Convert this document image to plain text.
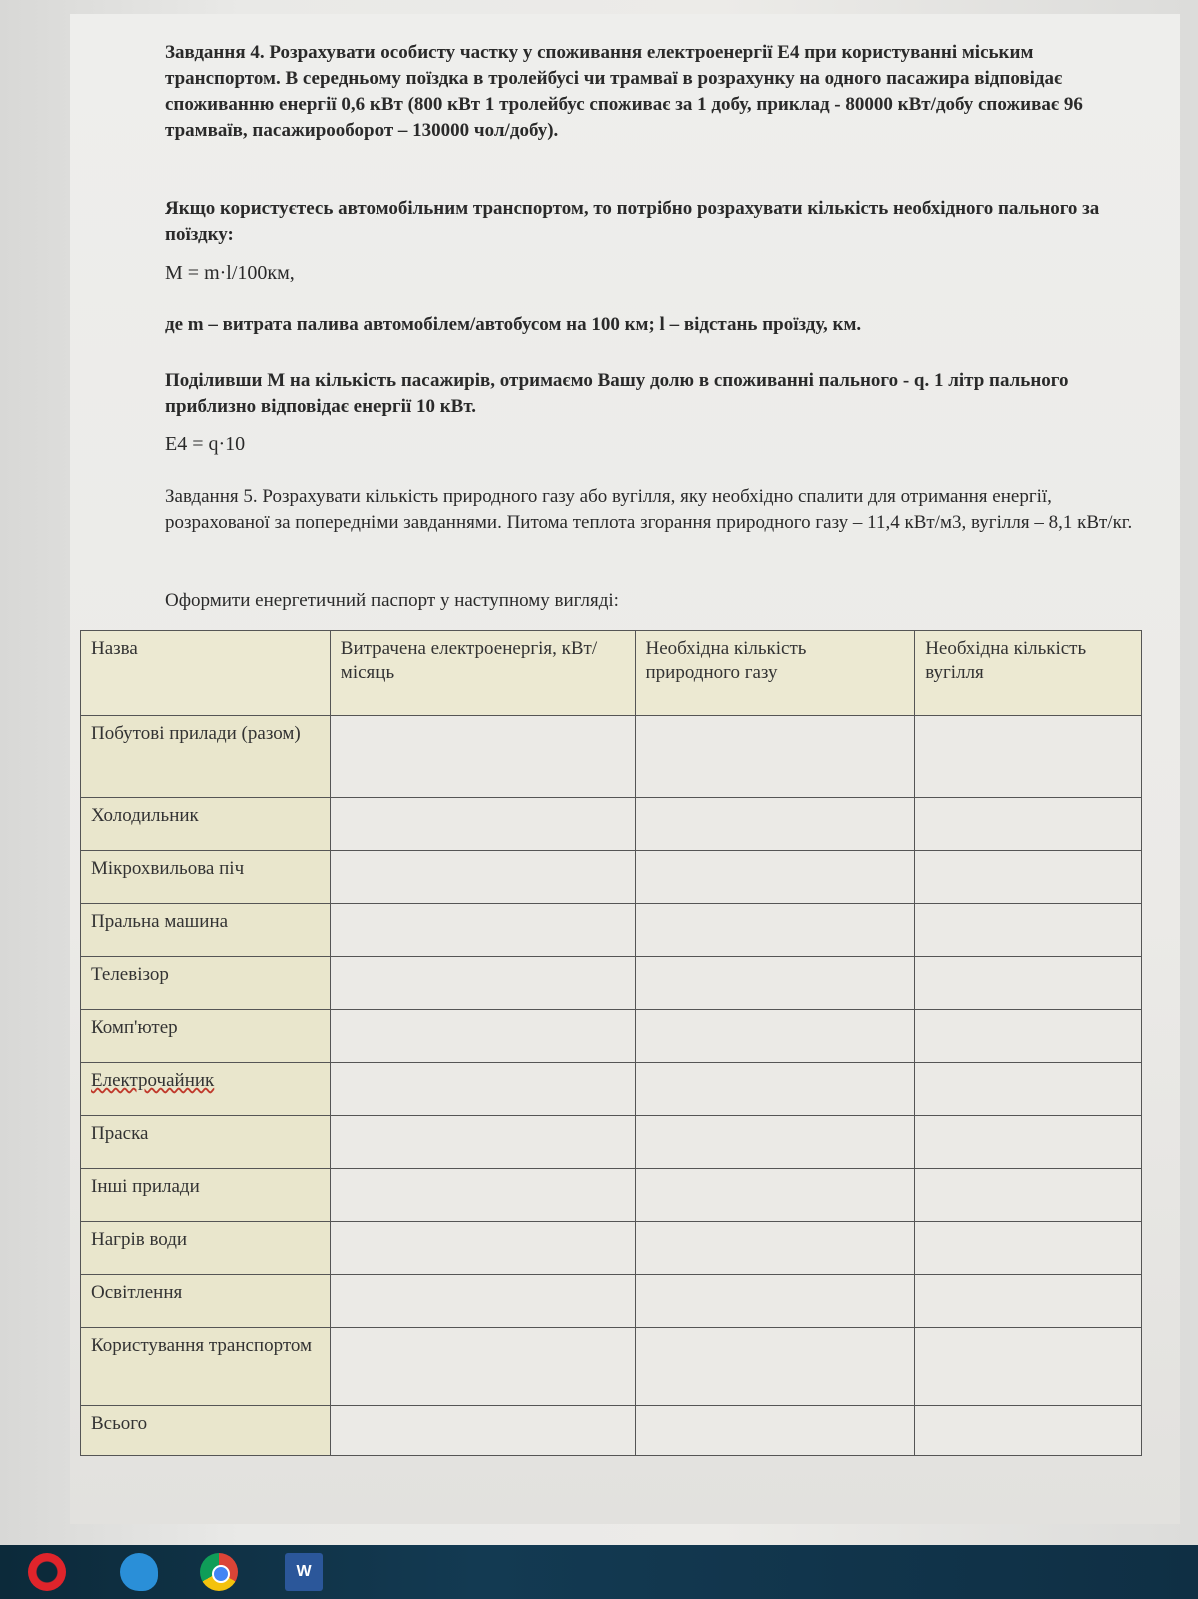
Завдання 4. Розрахувати особисту частку у споживання електроенергії Е4 при користуванні міським транспортом. В середньому поїздка в тролейбусі чи трамваї в розрахунку на одного пасажира відповідає споживанню енергії 0,6 кВт (800 кВт 1 тролейбус споживає за 1 добу, приклад - 80000 кВт/добу споживає 96 трамваїв, пасажирооборот – 130000 чол/добу).

Якщо користуєтесь автомобільним транспортом, то потрібно розрахувати кількість необхідного пального за поїздку:

М = m·l/100км,

де m – витрата палива автомобілем/автобусом на 100 км; l – відстань проїзду, км.

Поділивши М на кількість пасажирів, отримаємо Вашу долю в споживанні пального - q. 1 літр пального приблизно відповідає енергії 10 кВт.

Е4 = q·10

Завдання 5. Розрахувати кількість природного газу або вугілля, яку необхідно спалити для отримання енергії, розрахованої за попередніми завданнями. Питома теплота згорання природного газу – 11,4 кВт/м3, вугілля – 8,1 кВт/кг.

Оформити енергетичний паспорт у наступному вигляді:

Назва	Витрачена електроенергія, кВт/місяць	Необхідна кількість природного газу	Необхідна кількість вугілля
Побутові прилади (разом)			
Холодильник			
Мікрохвильова піч			
Пральна машина			
Телевізор			
Комп'ютер			
Електрочайник			
Праска			
Інші прилади			
Нагрів води			
Освітлення			
Користування транспортом			
Всього			
W
